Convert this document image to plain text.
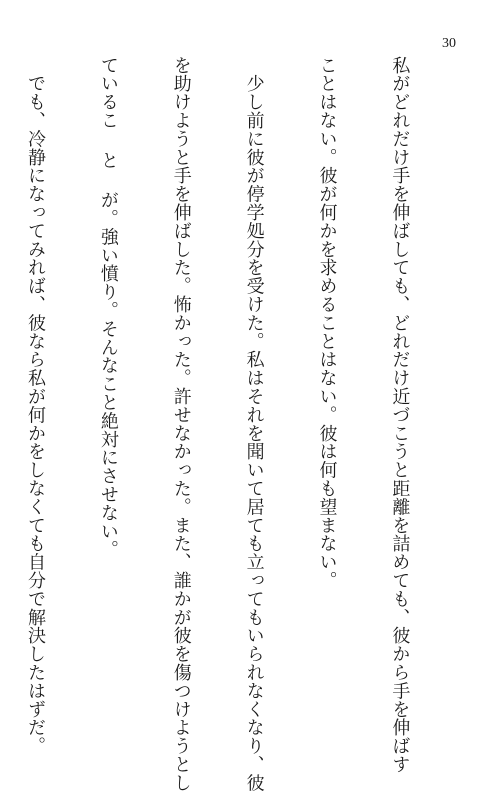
30

私がどれだけ手を伸ばしても、どれだけ近づこうと距離を詰めても、彼から手を伸ばす

ことはない。彼が何かを求めることはない。彼は何も望まない。

　少し前に彼が停学処分を受けた。私はそれを聞いて居ても立ってもいられなくなり、彼

を助けようと手を伸ばした。怖かった。許せなかった。また、誰かが彼を傷つけようとし

ているこ と が。強い憤り。そんなこと絶対にさせない。

　でも、冷静になってみれば、彼なら私が何かをしなくても自分で解決したはずだ。
